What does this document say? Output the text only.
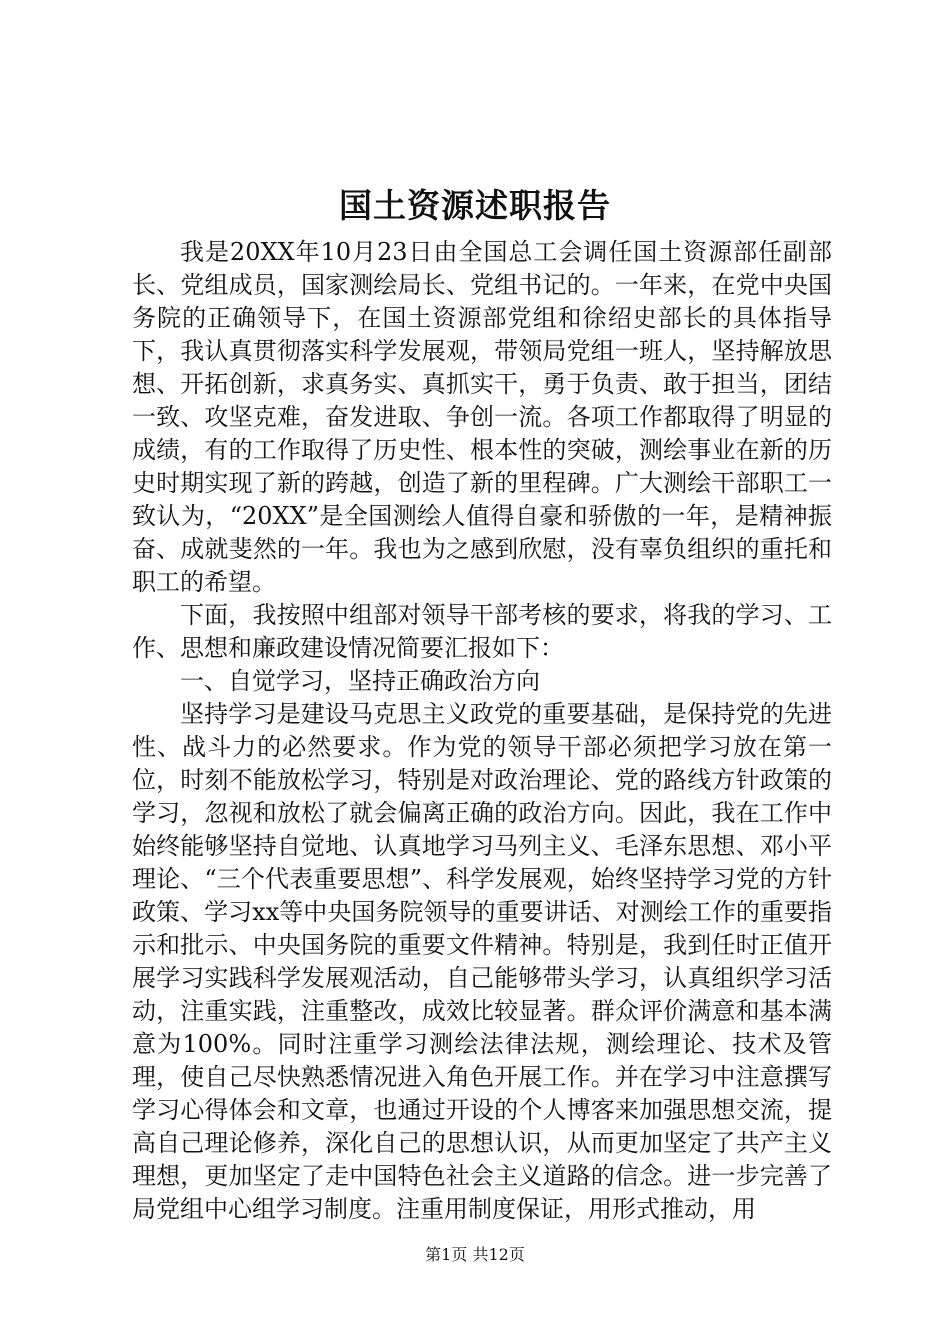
国土资源述职报告

我是20XX年10月23日由全国总工会调任国土资源部任副部长、党组成员，国家测绘局长、党组书记的。一年来，在党中央国务院的正确领导下，在国土资源部党组和徐绍史部长的具体指导下，我认真贯彻落实科学发展观，带领局党组一班人，坚持解放思想、开拓创新，求真务实、真抓实干，勇于负责、敢于担当，团结一致、攻坚克难，奋发进取、争创一流。各项工作都取得了明显的成绩，有的工作取得了历史性、根本性的突破，测绘事业在新的历史时期实现了新的跨越，创造了新的里程碑。广大测绘干部职工一致认为，“20XX”是全国测绘人值得自豪和骄傲的一年，是精神振奋、成就斐然的一年。我也为之感到欣慰，没有辜负组织的重托和职工的希望。

下面，我按照中组部对领导干部考核的要求，将我的学习、工作、思想和廉政建设情况简要汇报如下：

一、自觉学习，坚持正确政治方向

坚持学习是建设马克思主义政党的重要基础，是保持党的先进性、战斗力的必然要求。作为党的领导干部必须把学习放在第一位，时刻不能放松学习，特别是对政治理论、党的路线方针政策的学习，忽视和放松了就会偏离正确的政治方向。因此，我在工作中始终能够坚持自觉地、认真地学习马列主义、毛泽东思想、邓小平理论、“三个代表重要思想”、科学发展观，始终坚持学习党的方针政策、学习xx等中央国务院领导的重要讲话、对测绘工作的重要指示和批示、中央国务院的重要文件精神。特别是，我到任时正值开展学习实践科学发展观活动，自己能够带头学习，认真组织学习活动，注重实践，注重整改，成效比较显著。群众评价满意和基本满意为100%。同时注重学习测绘法律法规，测绘理论、技术及管理，使自己尽快熟悉情况进入角色开展工作。并在学习中注意撰写学习心得体会和文章，也通过开设的个人博客来加强思想交流，提高自己理论修养，深化自己的思想认识，从而更加坚定了共产主义理想，更加坚定了走中国特色社会主义道路的信念。进一步完善了局党组中心组学习制度。注重用制度保证，用形式推动，用

第1页 共12页
